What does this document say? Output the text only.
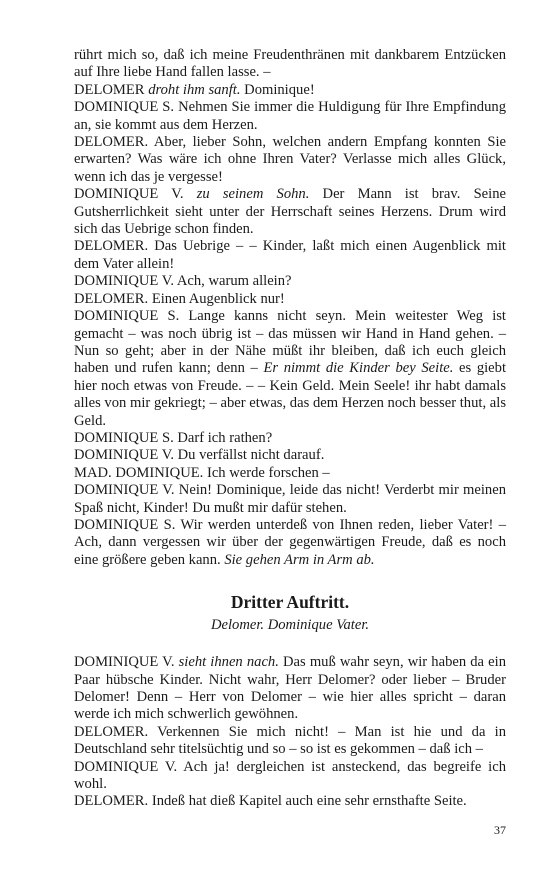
rührt mich so, daß ich meine Freudenthränen mit dankbarem Entzücken auf Ihre liebe Hand fallen lasse. –

DELOMER droht ihm sanft. Dominique!

DOMINIQUE S. Nehmen Sie immer die Huldigung für Ihre Empfindung an, sie kommt aus dem Herzen.

DELOMER. Aber, lieber Sohn, welchen andern Empfang konnten Sie erwarten? Was wäre ich ohne Ihren Vater? Verlasse mich alles Glück, wenn ich das je vergesse!

DOMINIQUE V. zu seinem Sohn. Der Mann ist brav. Seine Gutsherrlichkeit sieht unter der Herrschaft seines Herzens. Drum wird sich das Uebrige schon finden.

DELOMER. Das Uebrige – – Kinder, laßt mich einen Augenblick mit dem Vater allein!

DOMINIQUE V. Ach, warum allein?

DELOMER. Einen Augenblick nur!

DOMINIQUE S. Lange kanns nicht seyn. Mein weitester Weg ist gemacht – was noch übrig ist – das müssen wir Hand in Hand gehen. – Nun so geht; aber in der Nähe müßt ihr bleiben, daß ich euch gleich haben und rufen kann; denn – Er nimmt die Kinder bey Seite. es giebt hier noch etwas von Freude. – – Kein Geld. Mein Seele! ihr habt damals alles von mir gekriegt; – aber etwas, das dem Herzen noch besser thut, als Geld.

DOMINIQUE S. Darf ich rathen?

DOMINIQUE V. Du verfällst nicht darauf.

MAD. DOMINIQUE. Ich werde forschen –

DOMINIQUE V. Nein! Dominique, leide das nicht! Verderbt mir meinen Spaß nicht, Kinder! Du mußt mir dafür stehen.

DOMINIQUE S. Wir werden unterdeß von Ihnen reden, lieber Vater! – Ach, dann vergessen wir über der gegenwärtigen Freude, daß es noch eine größere geben kann. Sie gehen Arm in Arm ab.

Dritter Auftritt.
Delomer. Dominique Vater.

DOMINIQUE V. sieht ihnen nach. Das muß wahr seyn, wir haben da ein Paar hübsche Kinder. Nicht wahr, Herr Delomer? oder lieber – Bruder Delomer! Denn – Herr von Delomer – wie hier alles spricht – daran werde ich mich schwerlich gewöhnen.

DELOMER. Verkennen Sie mich nicht! – Man ist hie und da in Deutschland sehr titelsüchtig und so – so ist es gekommen – daß ich –

DOMINIQUE V. Ach ja! dergleichen ist ansteckend, das begreife ich wohl.

DELOMER. Indeß hat dieß Kapitel auch eine sehr ernsthafte Seite.

37
